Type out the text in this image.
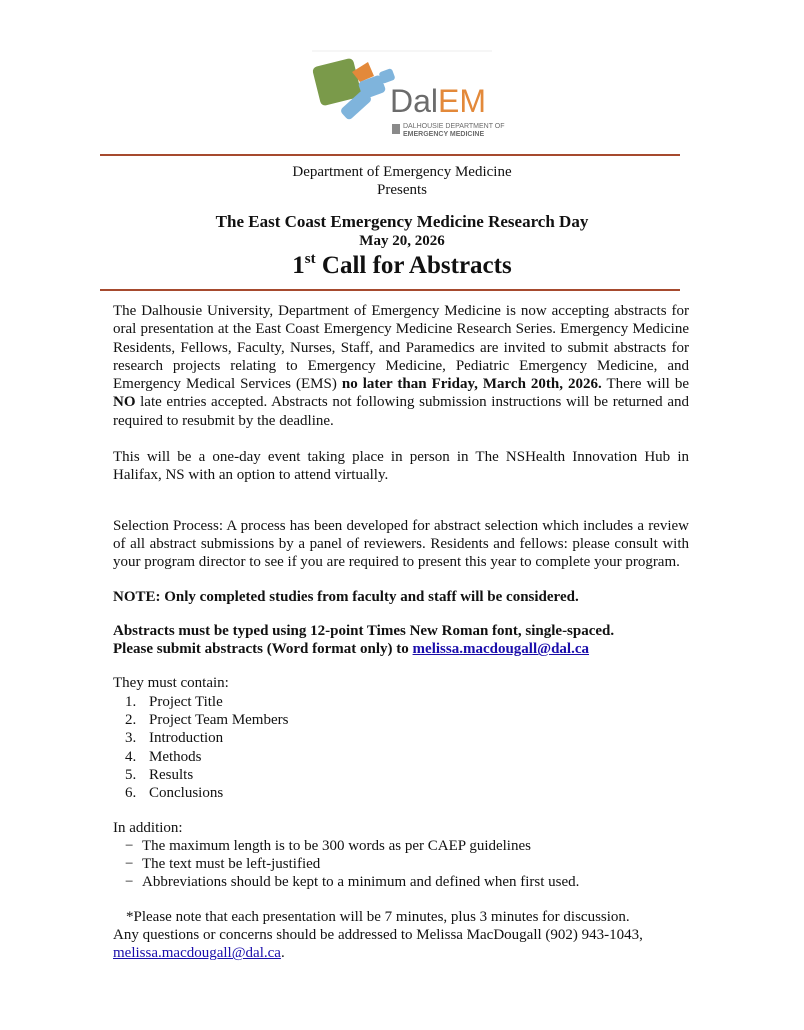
DalEM
DALHOUSIE DEPARTMENT OF
EMERGENCY MEDICINE
Department of Emergency Medicine
Presents
The East Coast Emergency Medicine Research Day
May 20, 2026
1st Call for Abstracts

The Dalhousie University, Department of Emergency Medicine is now accepting abstracts for oral presentation at the East Coast Emergency Medicine Research Series. Emergency Medicine Residents, Fellows, Faculty, Nurses, Staff, and Paramedics are invited to submit abstracts for research projects relating to Emergency Medicine, Pediatric Emergency Medicine, and Emergency Medical Services (EMS) no later than Friday, March 20th, 2026. There will be NO late entries accepted. Abstracts not following submission instructions will be returned and required to resubmit by the deadline.

This will be a one-day event taking place in person in The NSHealth Innovation Hub in Halifax, NS with an option to attend virtually.

Selection Process: A process has been developed for abstract selection which includes a review of all abstract submissions by a panel of reviewers. Residents and fellows: please consult with your program director to see if you are required to present this year to complete your program.

NOTE: Only completed studies from faculty and staff will be considered.

Abstracts must be typed using 12-point Times New Roman font, single-spaced.
Please submit abstracts (Word format only) to melissa.macdougall@dal.ca

They must contain:

1. Project Title
2. Project Team Members
3. Introduction
4. Methods
5. Results
6. Conclusions

In addition:

− The maximum length is to be 300 words as per CAEP guidelines
− The text must be left-justified
− Abbreviations should be kept to a minimum and defined when first used.

*Please note that each presentation will be 7 minutes, plus 3 minutes for discussion.

Any questions or concerns should be addressed to Melissa MacDougall (902) 943-1043,
melissa.macdougall@dal.ca.
